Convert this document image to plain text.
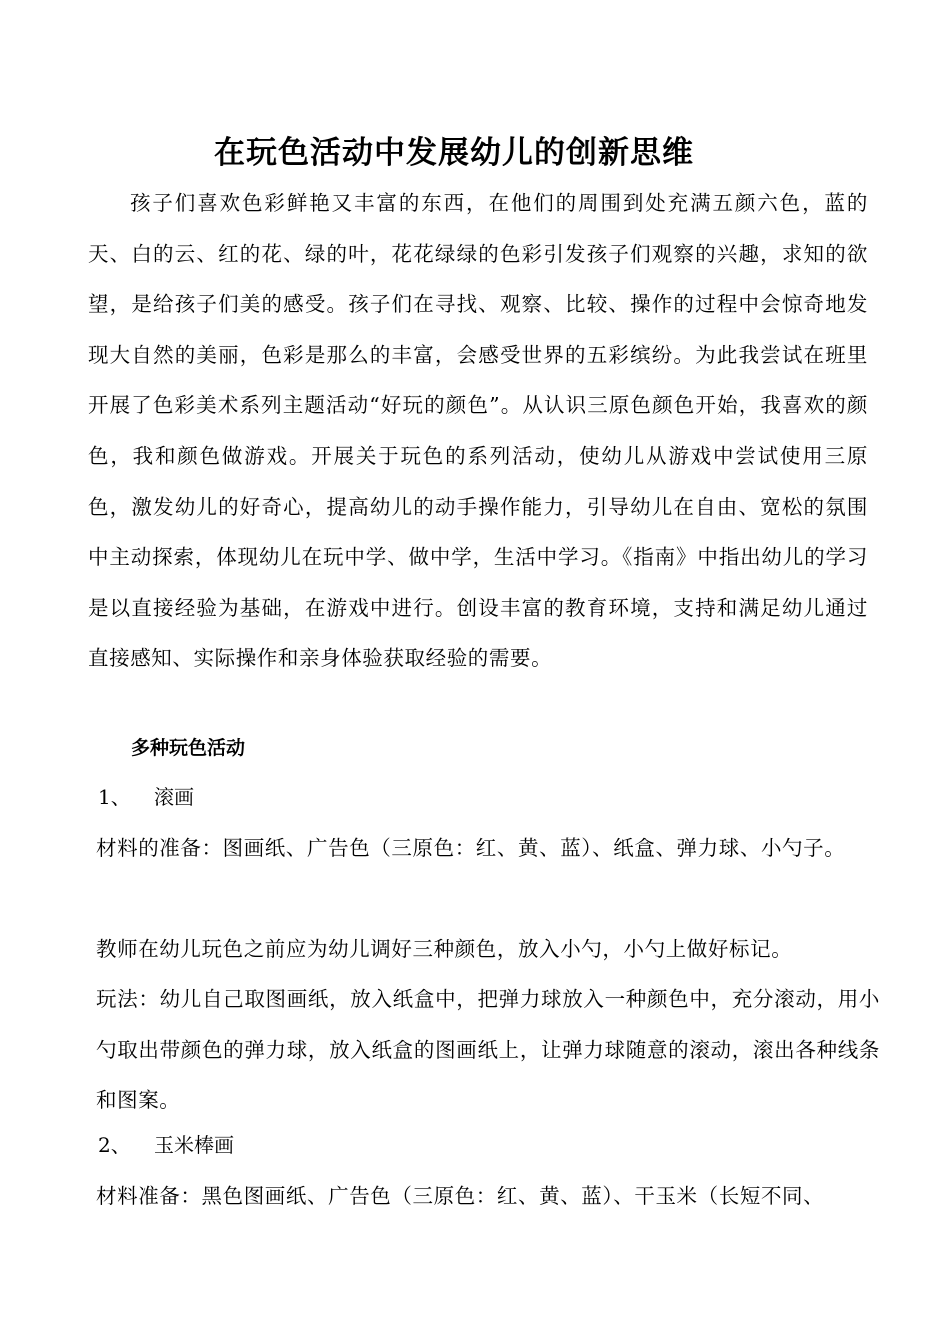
在玩色活动中发展幼儿的创新思维

孩子们喜欢色彩鲜艳又丰富的东西，在他们的周围到处充满五颜六色，蓝的天、白的云、红的花、绿的叶，花花绿绿的色彩引发孩子们观察的兴趣，求知的欲望，是给孩子们美的感受。孩子们在寻找、观察、比较、操作的过程中会惊奇地发现大自然的美丽，色彩是那么的丰富，会感受世界的五彩缤纷。为此我尝试在班里开展了色彩美术系列主题活动“好玩的颜色”。从认识三原色颜色开始，我喜欢的颜色，我和颜色做游戏。开展关于玩色的系列活动，使幼儿从游戏中尝试使用三原色，激发幼儿的好奇心，提高幼儿的动手操作能力，引导幼儿在自由、宽松的氛围中主动探索，体现幼儿在玩中学、做中学，生活中学习。《指南》中指出幼儿的学习是以直接经验为基础，在游戏中进行。创设丰富的教育环境，支持和满足幼儿通过直接感知、实际操作和亲身体验获取经验的需要。

多种玩色活动

1、 滚画

材料的准备：图画纸、广告色（三原色：红、黄、蓝）、纸盒、弹力球、小勺子。

教师在幼儿玩色之前应为幼儿调好三种颜色，放入小勺，小勺上做好标记。

玩法：幼儿自己取图画纸，放入纸盒中，把弹力球放入一种颜色中，充分滚动，用小勺取出带颜色的弹力球，放入纸盒的图画纸上，让弹力球随意的滚动，滚出各种线条和图案。

2、 玉米棒画

材料准备：黑色图画纸、广告色（三原色：红、黄、蓝）、干玉米（长短不同、
